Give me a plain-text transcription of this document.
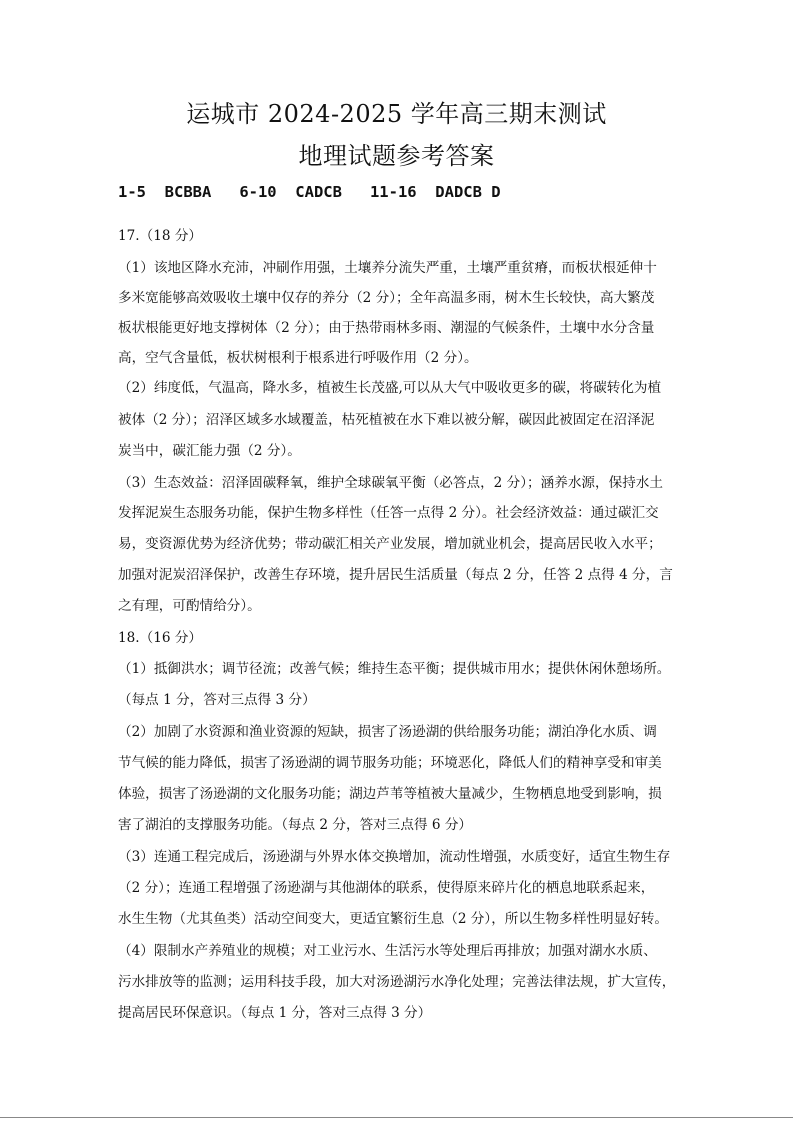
运城市 2024-2025 学年高三期末测试
地理试题参考答案
1-5  BCBBA   6-10  CADCB   11-16  DADCB D
17.（18 分）
（1）该地区降水充沛，冲刷作用强，土壤养分流失严重，土壤严重贫瘠，而板状根延伸十
多米宽能够高效吸收土壤中仅存的养分（2 分）；全年高温多雨，树木生长较快，高大繁茂
板状根能更好地支撑树体（2 分）；由于热带雨林多雨、潮湿的气候条件，土壤中水分含量
高，空气含量低，板状树根利于根系进行呼吸作用（2 分）。
（2）纬度低，气温高，降水多，植被生长茂盛,可以从大气中吸收更多的碳，将碳转化为植
被体（2 分）；沼泽区域多水域覆盖，枯死植被在水下难以被分解，碳因此被固定在沼泽泥
炭当中，碳汇能力强（2 分）。
（3）生态效益：沼泽固碳释氧，维护全球碳氧平衡（必答点，2 分）；涵养水源，保持水土
发挥泥炭生态服务功能，保护生物多样性（任答一点得 2 分）。社会经济效益：通过碳汇交
易，变资源优势为经济优势；带动碳汇相关产业发展，增加就业机会，提高居民收入水平；
加强对泥炭沼泽保护，改善生存环境，提升居民生活质量（每点 2 分，任答 2 点得 4 分，言
之有理，可酌情给分）。
18.（16 分）
（1）抵御洪水；调节径流；改善气候；维持生态平衡；提供城市用水；提供休闲休憩场所。
（每点 1 分，答对三点得 3 分）
（2）加剧了水资源和渔业资源的短缺，损害了汤逊湖的供给服务功能；湖泊净化水质、调
节气候的能力降低，损害了汤逊湖的调节服务功能；环境恶化，降低人们的精神享受和审美
体验，损害了汤逊湖的文化服务功能；湖边芦苇等植被大量减少，生物栖息地受到影响，损
害了湖泊的支撑服务功能。（每点 2 分，答对三点得 6 分）
（3）连通工程完成后，汤逊湖与外界水体交换增加，流动性增强，水质变好，适宜生物生存
（2 分）；连通工程增强了汤逊湖与其他湖体的联系，使得原来碎片化的栖息地联系起来，
水生生物（尤其鱼类）活动空间变大，更适宜繁衍生息（2 分），所以生物多样性明显好转。
（4）限制水产养殖业的规模；对工业污水、生活污水等处理后再排放；加强对湖水水质、
污水排放等的监测；运用科技手段，加大对汤逊湖污水净化处理；完善法律法规，扩大宣传，
提高居民环保意识。（每点 1 分，答对三点得 3 分）
